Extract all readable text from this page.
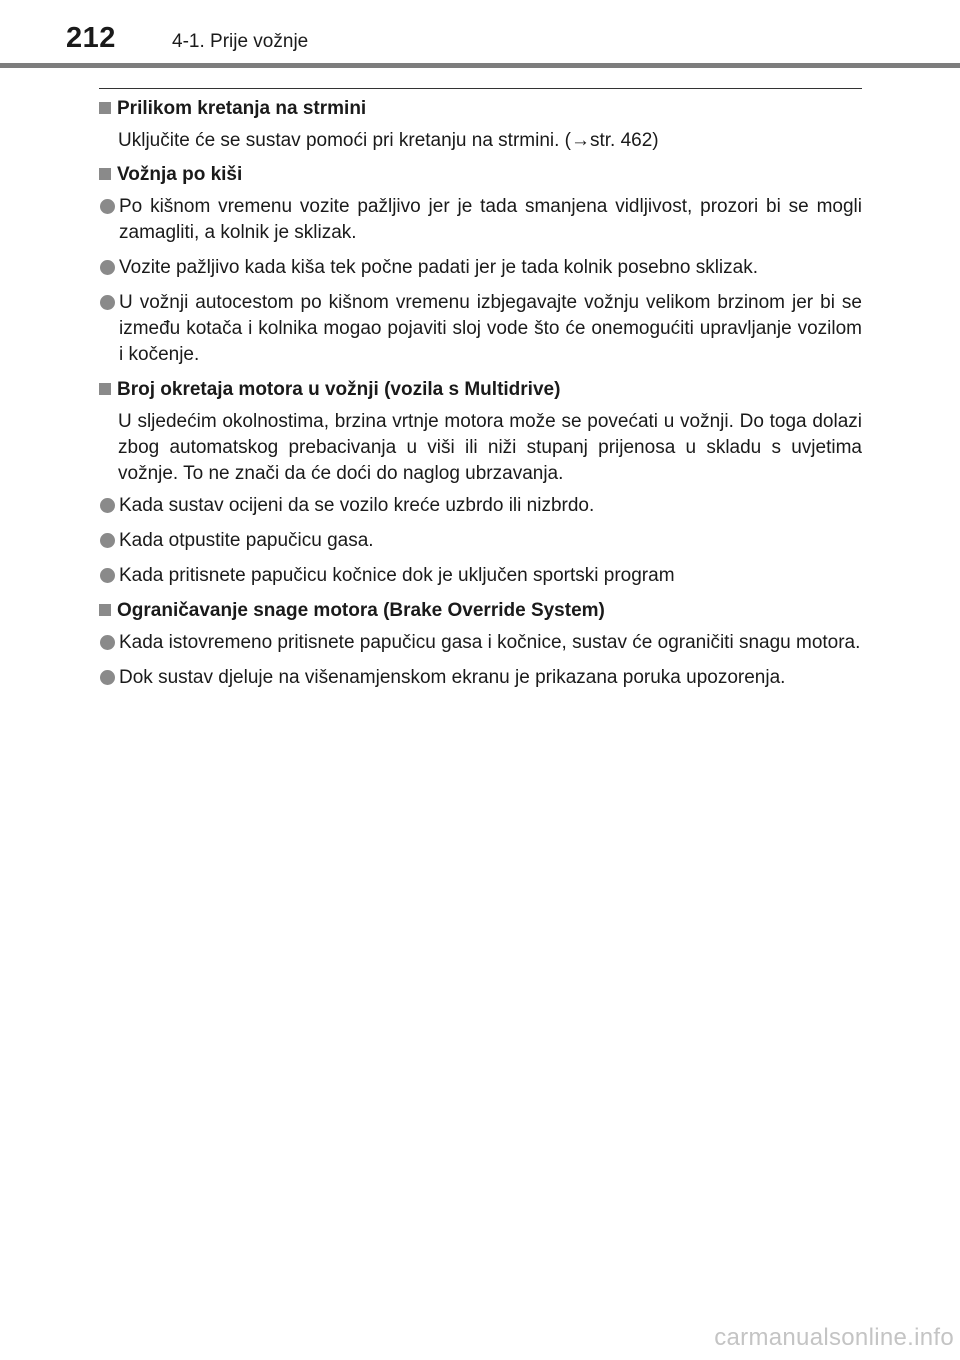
212	4-1. Prije vožnje
Prilikom kretanja na strmini
Uključite će se sustav pomoći pri kretanju na strmini. (→str. 462)
Vožnja po kiši
Po kišnom vremenu vozite pažljivo jer je tada smanjena vidljivost, prozori bi se mogli zamagliti, a kolnik je sklizak.
Vozite pažljivo kada kiša tek počne padati jer je tada kolnik posebno sklizak.
U vožnji autocestom po kišnom vremenu izbjegavajte vožnju velikom brzinom jer bi se između kotača i kolnika mogao pojaviti sloj vode što će onemogućiti upravljanje vozilom i kočenje.
Broj okretaja motora u vožnji (vozila s Multidrive)
U sljedećim okolnostima, brzina vrtnje motora može se povećati u vožnji. Do toga dolazi zbog automatskog prebacivanja u viši ili niži stupanj prijenosa u skladu s uvjetima vožnje. To ne znači da će doći do naglog ubrzavanja.
Kada sustav ocijeni da se vozilo kreće uzbrdo ili nizbrdo.
Kada otpustite papučicu gasa.
Kada pritisnete papučicu kočnice dok je uključen sportski program
Ograničavanje snage motora (Brake Override System)
Kada istovremeno pritisnete papučicu gasa i kočnice, sustav će ograničiti snagu motora.
Dok sustav djeluje na višenamjenskom ekranu je prikazana poruka upozorenja.
carmanualsonline.info
